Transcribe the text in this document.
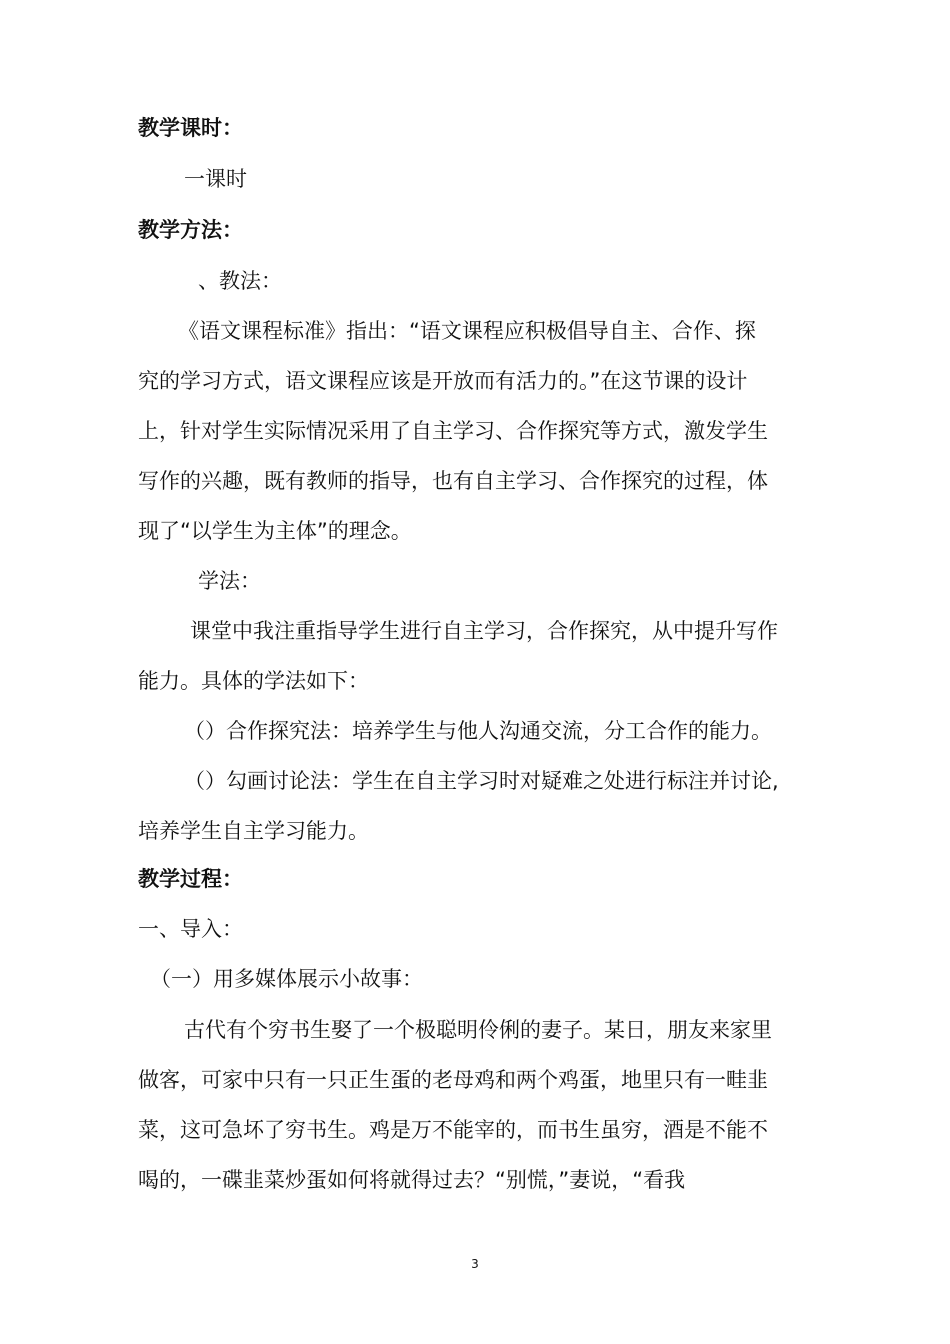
教学课时：
一课时
教学方法：
、教法：
《语文课程标准》指出：“语文课程应积极倡导自主、合作、探
究的学习方式，语文课程应该是开放而有活力的。”在这节课的设计
上，针对学生实际情况采用了自主学习、合作探究等方式，激发学生
写作的兴趣，既有教师的指导，也有自主学习、合作探究的过程，体
现了“以学生为主体”的理念。
学法：
课堂中我注重指导学生进行自主学习，合作探究，从中提升写作
能力。具体的学法如下：
（）合作探究法：培养学生与他人沟通交流，分工合作的能力。
（）勾画讨论法：学生在自主学习时对疑难之处进行标注并讨论,
培养学生自主学习能力。
教学过程：
一、导入：
（一）用多媒体展示小故事：
古代有个穷书生娶了一个极聪明伶俐的妻子。某日，朋友来家里
做客，可家中只有一只正生蛋的老母鸡和两个鸡蛋，地里只有一畦韭
菜，这可急坏了穷书生。鸡是万不能宰的，而书生虽穷，酒是不能不
喝的，一碟韭菜炒蛋如何将就得过去？“别慌，”妻说，“看我
3
